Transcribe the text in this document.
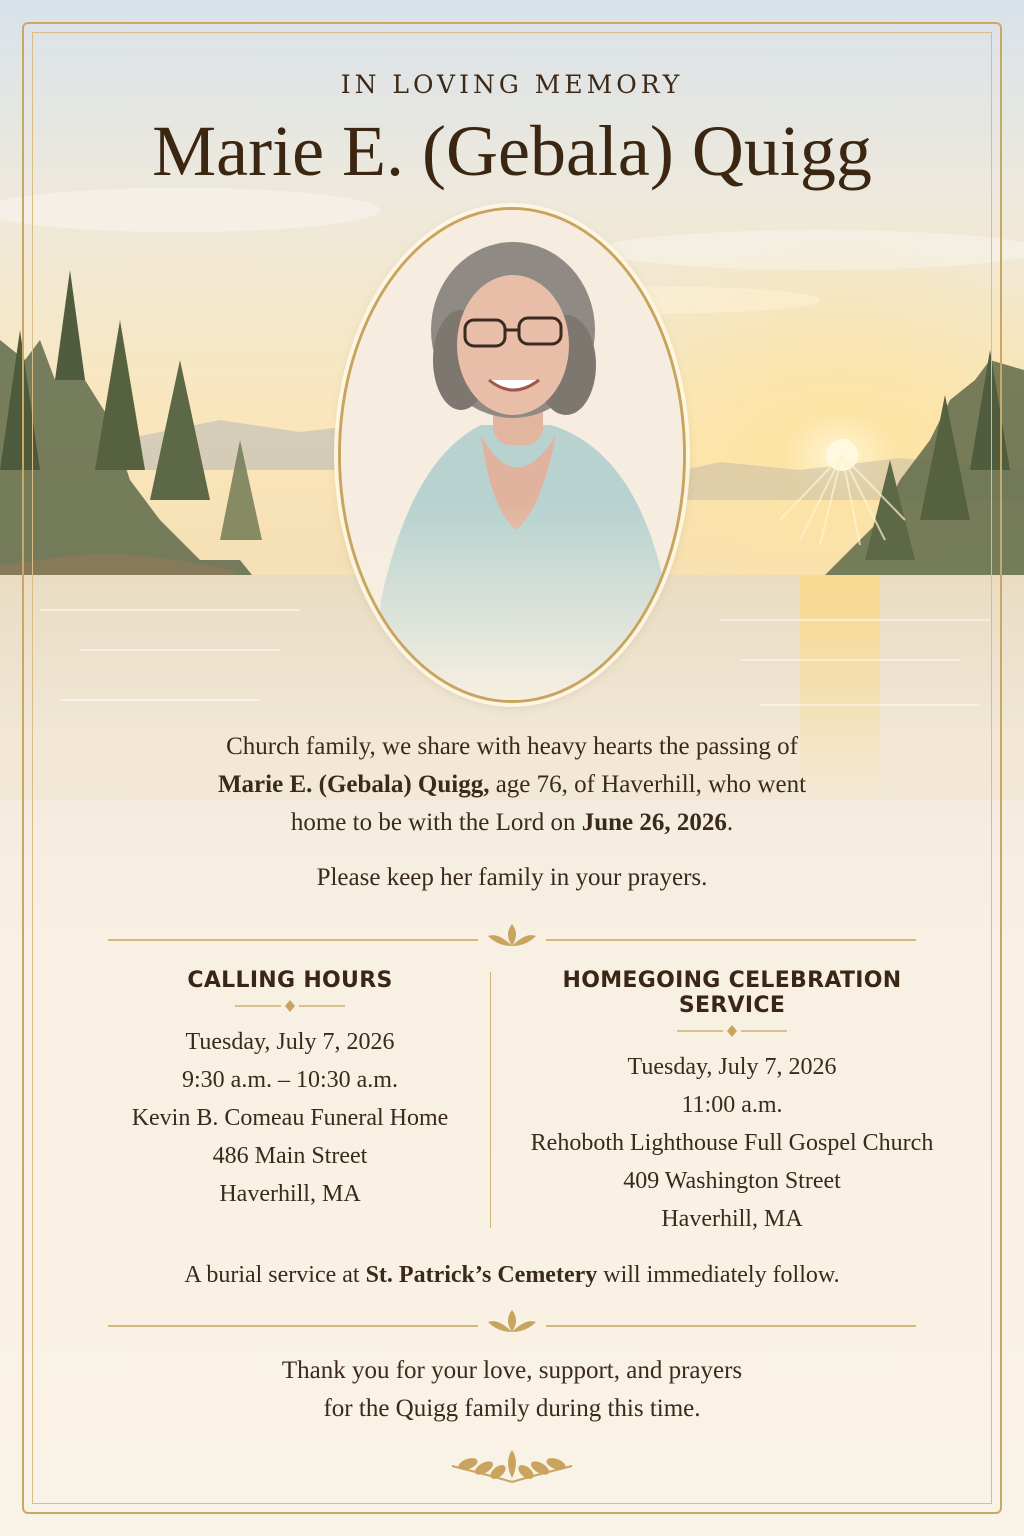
IN LOVING MEMORY
Marie E. (Gebala) Quigg
Church family, we share with heavy hearts the passing of
Marie E. (Gebala) Quigg, age 76, of Haverhill, who went
home to be with the Lord on June 26, 2026.
Please keep her family in your prayers.
CALLING HOURS
Tuesday, July 7, 2026
9:30 a.m. – 10:30 a.m.
Kevin B. Comeau Funeral Home
486 Main Street
Haverhill, MA
HOMEGOING CELEBRATION SERVICE
Tuesday, July 7, 2026
11:00 a.m.
Rehoboth Lighthouse Full Gospel Church
409 Washington Street
Haverhill, MA
A burial service at St. Patrick’s Cemetery will immediately follow.
Thank you for your love, support, and prayers
for the Quigg family during this time.
